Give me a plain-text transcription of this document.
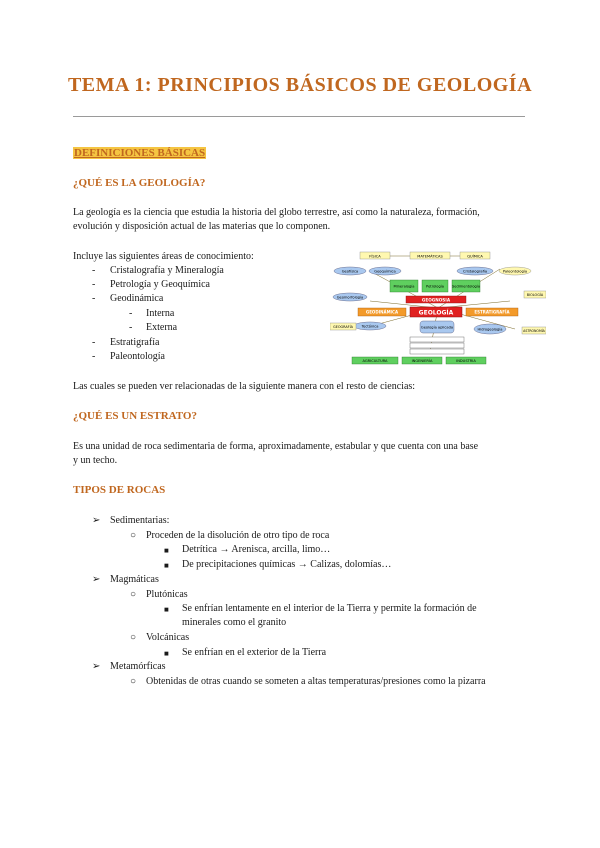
TEMA 1: PRINCIPIOS BÁSICOS DE GEOLOGÍA
DEFINICIONES BÁSICAS
¿QUÉ ES LA GEOLOGÍA?
La geología es la ciencia que estudia la historia del globo terrestre, así como la naturaleza, formación,
evolución y disposición actual de las materias que lo componen.
Incluye las siguientes áreas de conocimiento:
- Cristalografía y Mineralogía
- Petrología y Geoquímica
- Geodinámica
- Interna
- Externa
- Estratigrafía
- Paleontología
FÍSICA	MATEMÁTICAS	QUÍMICA
Geofísica	Geoquímica	Cristalografía
Mineralogía	Petrología Sedimentología
Paleontología
GEOGNOSIA
GEODINÁMICA	GEOLOGÍA	ESTRATIGRAFÍA
Geomorfología
Tectónica	Geología aplicada	Hidrogeología
BIOLOGÍA
GEOGRAFÍA
ASTRONOMÍA
AGRICULTURA	INGENIERÍA	INDUSTRIA
Las cuales se pueden ver relacionadas de la siguiente manera con el resto de ciencias:
¿QUÉ ES UN ESTRATO?
Es una unidad de roca sedimentaria de forma, aproximadamente, estabular y que cuenta con una base
y un techo.
TIPOS DE ROCAS
➢ Sedimentarias:
○ Proceden de la disolución de otro tipo de roca
■ Detrítica → Arenisca, arcilla, limo…
■ De precipitaciones químicas → Calizas, dolomías…
➢ Magmáticas
○ Plutónicas
■ Se enfrían lentamente en el interior de la Tierra y permite la formación de
minerales como el granito
○ Volcánicas
■ Se enfrían en el exterior de la Tierra
➢ Metamórficas
○ Obtenidas de otras cuando se someten a altas temperaturas/presiones como la pizarra
